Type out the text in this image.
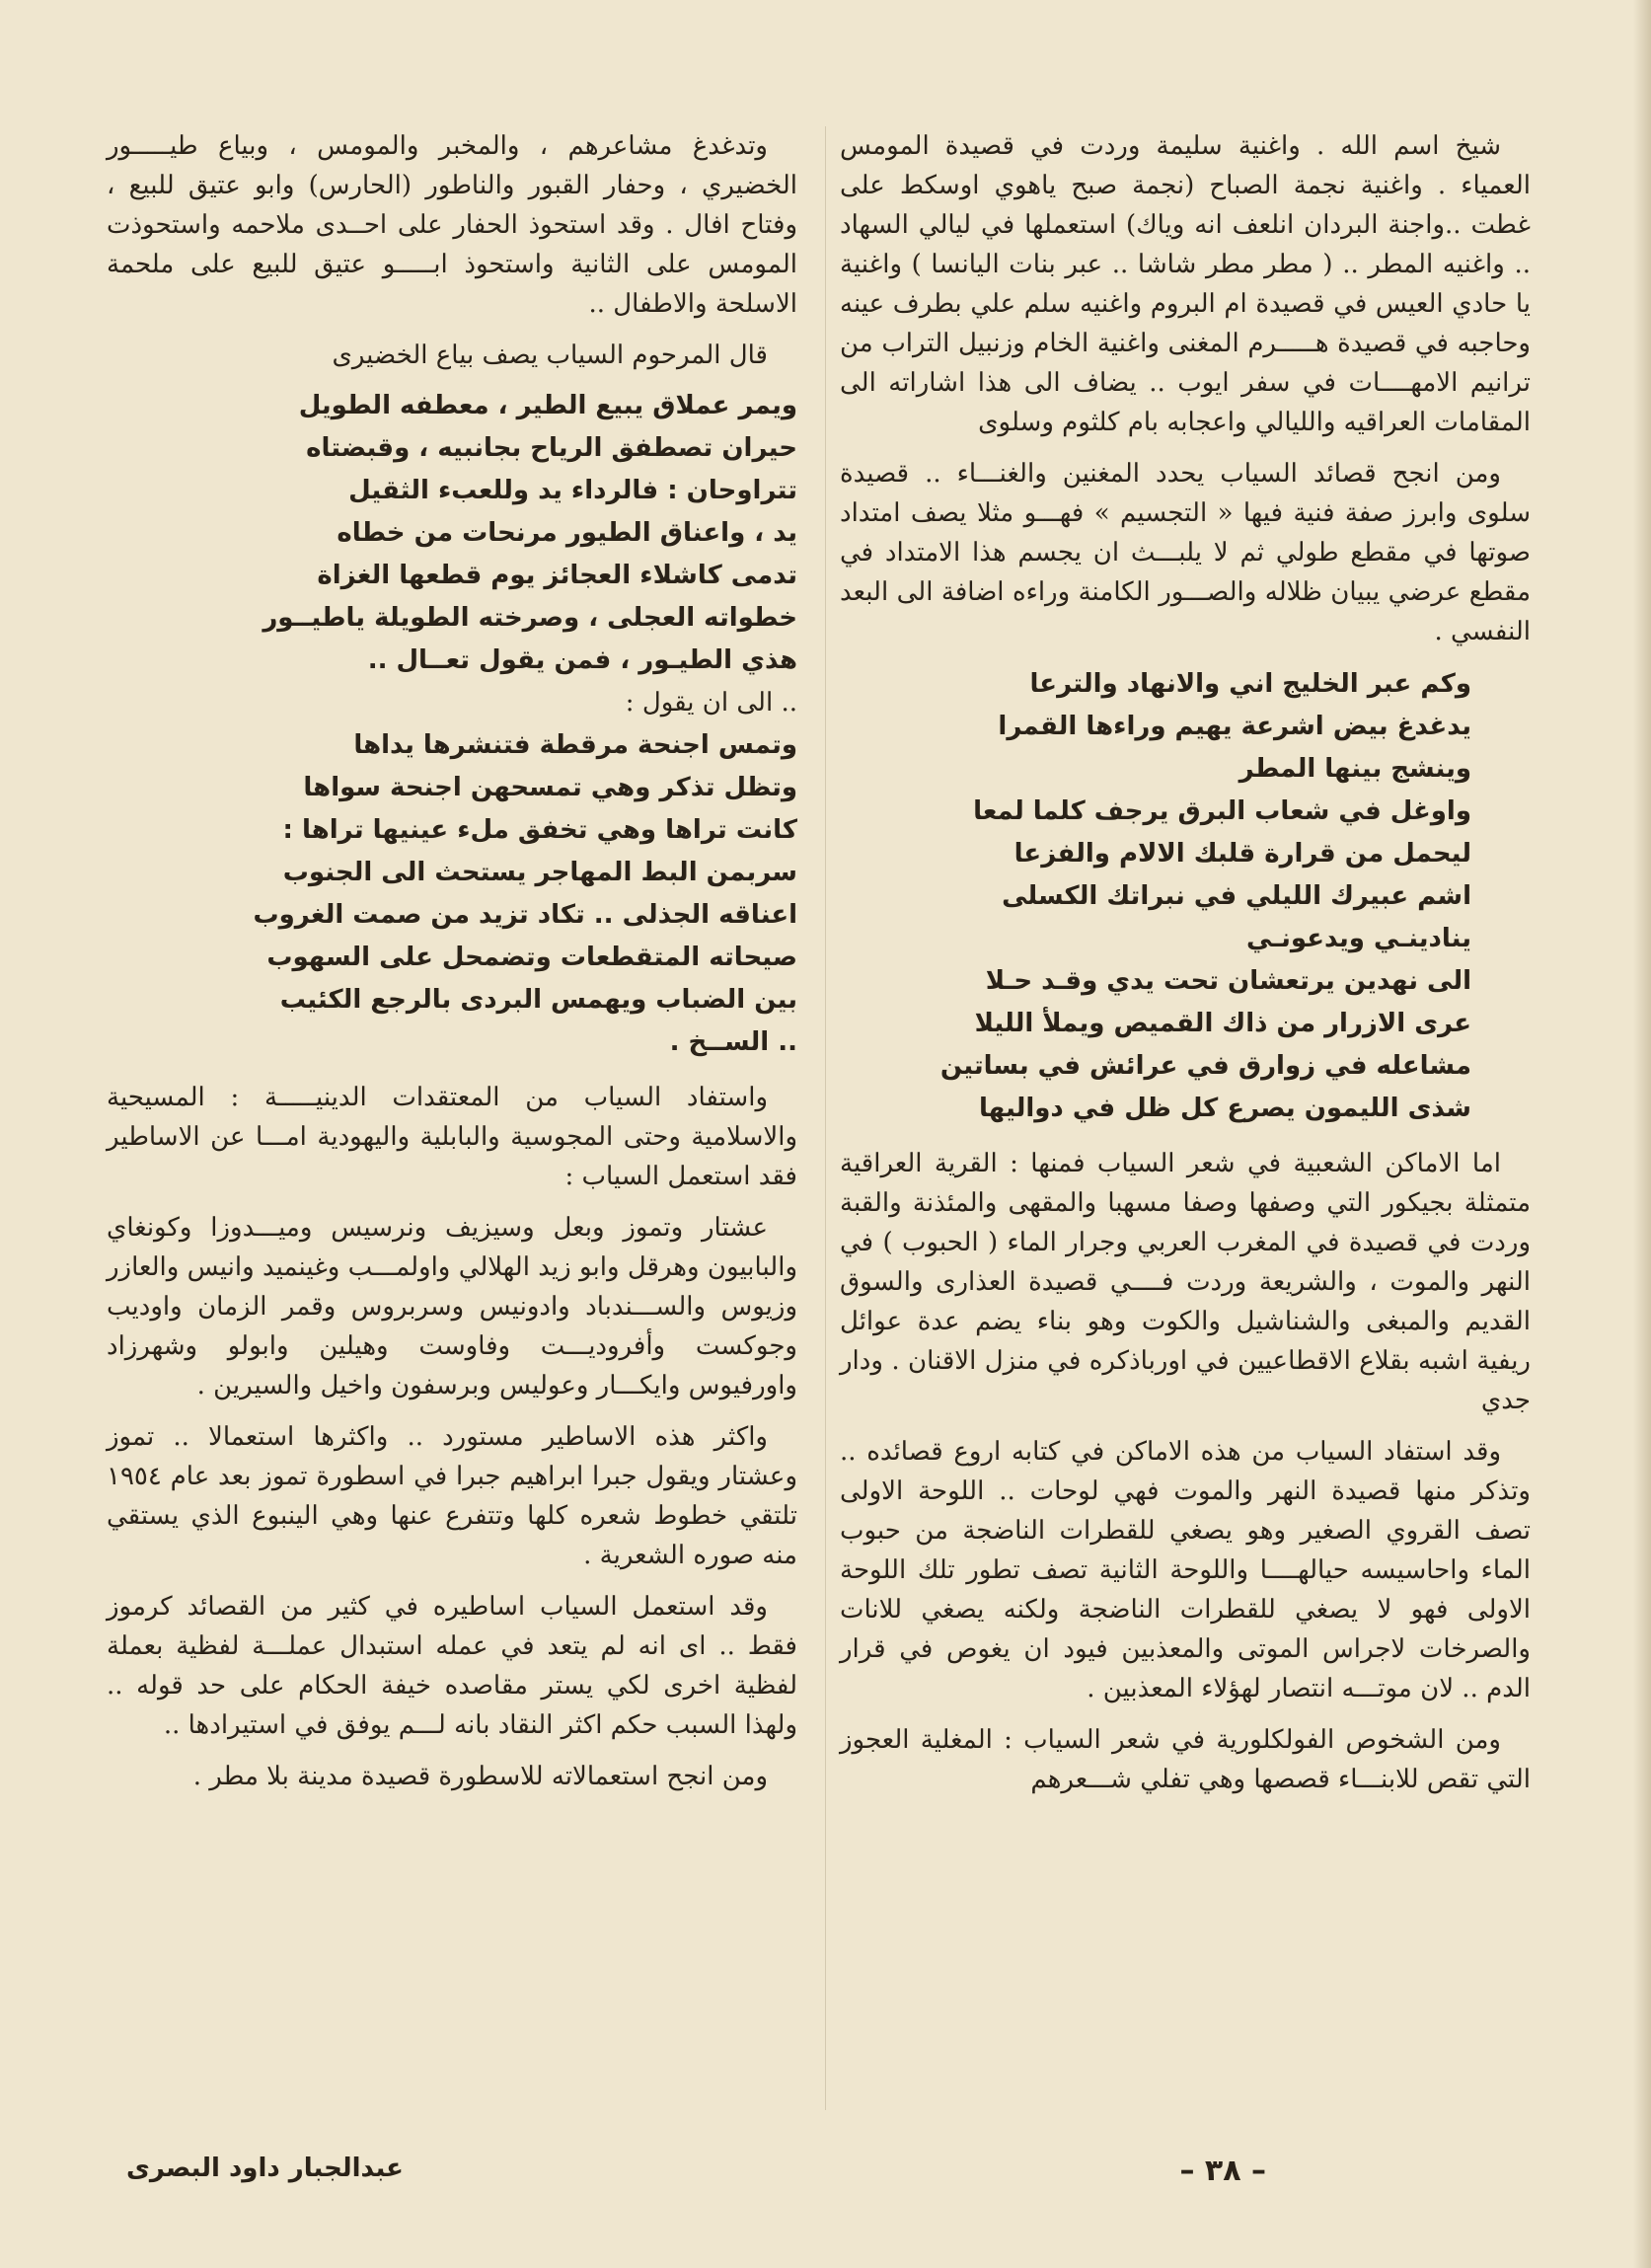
شيخ اسم الله . واغنية سليمة وردت في قصيدة المومس العمياء . واغنية نجمة الصباح (نجمة صبح ياهوي اوسكط على غطت ..واجنة البردان انلعف انه وياك) استعملها في ليالي السهاد .. واغنيه المطر .. ( مطر مطر شاشا .. عبر بنات اليانسا ) واغنية يا حادي العيس في قصيدة ام البروم واغنيه سلم علي بطرف عينه وحاجبه في قصيدة هـــــرم المغنى واغنية الخام وزنبيل التراب من ترانيم الامهــــات في سفر ايوب .. يضاف الى هذا اشاراته الى المقامات العراقيه والليالي واعجابه بام كلثوم وسلوى

ومن انجح قصائد السياب يحدد المغنين والغنـــاء .. قصيدة سلوى وابرز صفة فنية فيها « التجسيم » فهـــو مثلا يصف امتداد صوتها في مقطع طولي ثم لا يلبـــث ان يجسم هذا الامتداد في مقطع عرضي يبيان ظلاله والصـــور الكامنة وراءه اضافة الى البعد النفسي .

وكم عبر الخليج اني والانهاد والترعا
يدغدغ بيض اشرعة يهيم وراءها القمرا
وينشج بينها المطر
واوغل في شعاب البرق يرجف كلما لمعا
ليحمل من قرارة قلبك الالام والفزعا
اشم عبيرك الليلي في نبراتك الكسلى
ينادينـي ويدعونـي
الى نهدين يرتعشان تحت يدي وقـد حـلا
عرى الازرار من ذاك القميص ويملأ الليلا
مشاعله في زوارق في عرائش في بساتين
شذى الليمون يصرع كل ظل في دواليها

اما الاماكن الشعبية في شعر السياب فمنها : القرية العراقية متمثلة بجيكور التي وصفها وصفا مسهبا والمقهى والمئذنة والقبة وردت في قصيدة في المغرب العربي وجرار الماء ( الحبوب ) في النهر والموت ، والشريعة وردت فــــي قصيدة العذارى والسوق القديم والمبغى والشناشيل والكوت وهو بناء يضم عدة عوائل ريفية اشبه بقلاع الاقطاعيين في اورباذكره في منزل الاقنان . ودار جدي

وقد استفاد السياب من هذه الاماكن في كتابه اروع قصائده .. وتذكر منها قصيدة النهر والموت فهي لوحات .. اللوحة الاولى تصف القروي الصغير وهو يصغي للقطرات الناضجة من حبوب الماء واحاسيسه حيالهــــا واللوحة الثانية تصف تطور تلك اللوحة الاولى فهو لا يصغي للقطرات الناضجة ولكنه يصغي للانات والصرخات لاجراس الموتى والمعذبين فيود ان يغوص في قرار الدم .. لان موتـــه انتصار لهؤلاء المعذبين .

ومن الشخوص الفولكلورية في شعر السياب : المغلية العجوز التي تقص للابنـــاء قصصها وهي تفلي شـــعرهم

وتدغدغ مشاعرهم ، والمخبر والمومس ، وبياع طيـــــور الخضيري ، وحفار القبور والناطور (الحارس) وابو عتيق للبيع ، وفتاح افال . وقد استحوذ الحفار على احــدى ملاحمه واستحوذت المومس على الثانية واستحوذ ابـــــو عتيق للبيع على ملحمة الاسلحة والاطفال ..

قال المرحوم السياب يصف بياع الخضيرى

ويمر عملاق يبيع الطير ، معطفه الطويل
حيران تصطفق الرياح بجانبيه ، وقبضتاه
تتراوحان : فالرداء يد وللعبء الثقيل
يد ، واعناق الطيور مرنحات من خطاه
تدمى كاشلاء العجائز يوم قطعها الغزاة
خطواته العجلى ، وصرخته الطويلة ياطيــور
هذي الطيـور ، فمن يقول تعــال ..
.. الى ان يقول :
وتمس اجنحة مرقطة فتنشرها يداها
وتظل تذكر وهي تمسحهن اجنحة سواها
كانت تراها وهي تخفق ملء عينيها تراها :
سربمن البط المهاجر يستحث الى الجنوب
اعناقه الجذلى .. تكاد تزيد من صمت الغروب
صيحاته المتقطعات وتضمحل على السهوب
بين الضباب ويهمس البردى بالرجع الكئيب
.. الســخ .

واستفاد السياب من المعتقدات الدينيـــــة : المسيحية والاسلامية وحتى المجوسية والبابلية واليهودية امـــا عن الاساطير فقد استعمل السياب :

عشتار وتموز وبعل وسيزيف ونرسيس وميـــدوزا وكونغاي والبابيون وهرقل وابو زيد الهلالي واولمـــب وغينميد وانيس والعازر وزيوس والســـندباد وادونيس وسربروس وقمر الزمان واوديب وجوكست وأفروديـــت وفاوست وهيلين وابولو وشهرزاد واورفيوس وايكـــار وعوليس وبرسفون واخيل والسيرين .

واكثر هذه الاساطير مستورد .. واكثرها استعمالا .. تموز وعشتار ويقول جبرا ابراهيم جبرا في اسطورة تموز بعد عام ١٩٥٤ تلتقي خطوط شعره كلها وتتفرع عنها وهي الينبوع الذي يستقي منه صوره الشعرية .

وقد استعمل السياب اساطيره في كثير من القصائد كرموز فقط .. اى انه لم يتعد في عمله استبدال عملـــة لفظية بعملة لفظية اخرى لكي يستر مقاصده خيفة الحكام على حد قوله .. ولهذا السبب حكم اكثر النقاد بانه لـــم يوفق في استيرادها ..

ومن انجح استعمالاته للاسطورة قصيدة مدينة بلا مطر .

– ٣٨ –
عبدالجبار داود البصرى
